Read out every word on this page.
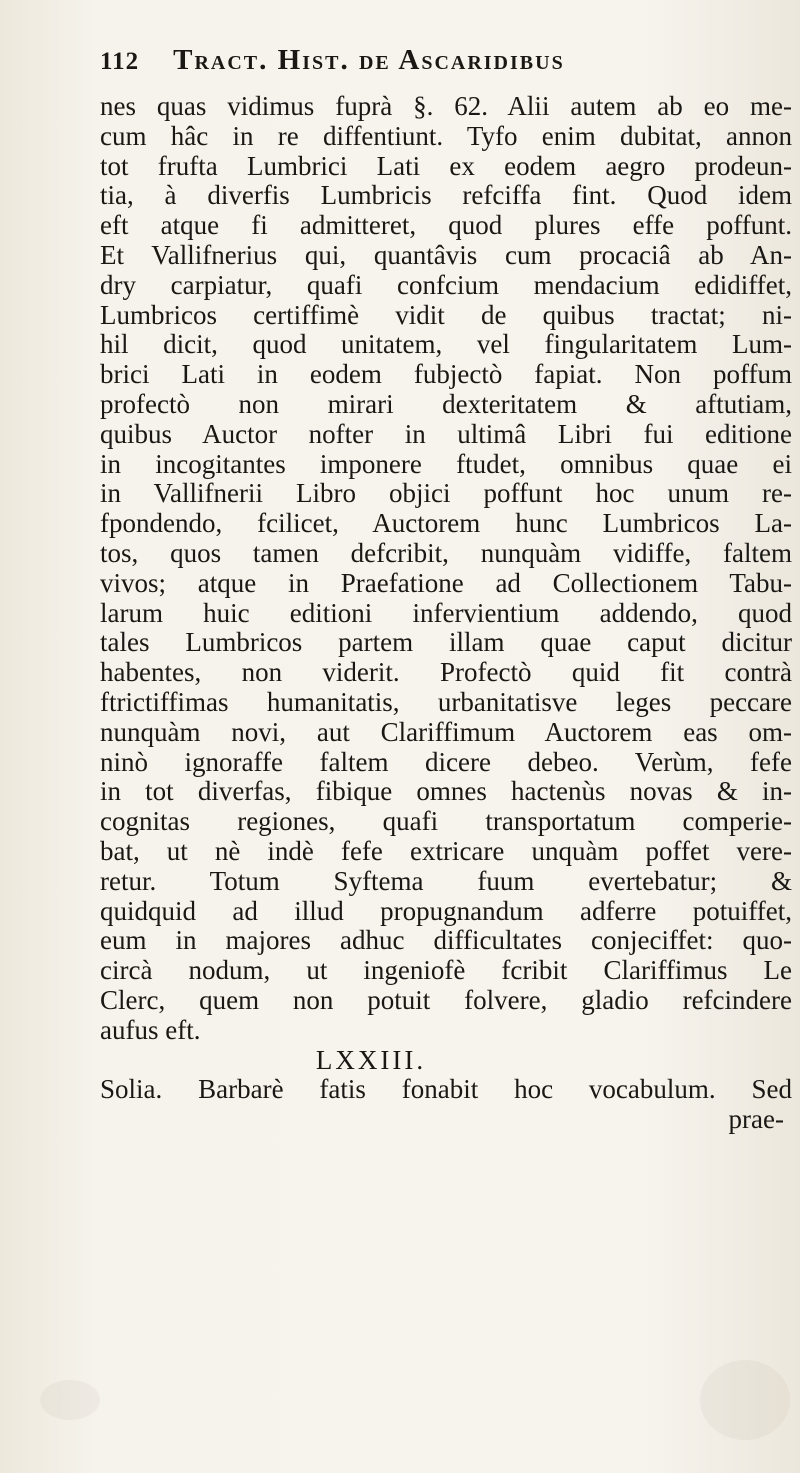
112 Tract. Hist. de Ascaridibus
nes quas vidimus fuprà §. 62. Alii autem ab eo me-
cum hâc in re diffentiunt. Tyfo enim dubitat, annon
tot frufta Lumbrici Lati ex eodem aegro prodeun-
tia, à diverfis Lumbricis refciffa fint. Quod idem
eft atque fi admitteret, quod plures effe poffunt.
Et Vallifnerius qui, quantâvis cum procaciâ ab An-
dry carpiatur, quafi confcium mendacium edidiffet,
Lumbricos certiffimè vidit de quibus tractat; ni-
hil dicit, quod unitatem, vel fingularitatem Lum-
brici Lati in eodem fubjectò fapiat. Non poffum
profectò non mirari dexteritatem & aftutiam,
quibus Auctor nofter in ultimâ Libri fui editione
in incogitantes imponere ftudet, omnibus quae ei
in Vallifnerii Libro objici poffunt hoc unum re-
fpondendo, fcilicet, Auctorem hunc Lumbricos La-
tos, quos tamen defcribit, nunquàm vidiffe, faltem
vivos; atque in Praefatione ad Collectionem Tabu-
larum huic editioni infervientium addendo, quod
tales Lumbricos partem illam quae caput dicitur
habentes, non viderit. Profectò quid fit contrà
ftrictiffimas humanitatis, urbanitatisve leges peccare
nunquàm novi, aut Clariffimum Auctorem eas om-
ninò ignoraffe faltem dicere debeo. Verùm, fefe
in tot diverfas, fibique omnes hactenùs novas & in-
cognitas regiones, quafi transportatum comperie-
bat, ut nè indè fefe extricare unquàm poffet vere-
retur. Totum Syftema fuum evertebatur; &
quidquid ad illud propugnandum adferre potuiffet,
eum in majores adhuc difficultates conjeciffet: quo-
circà nodum, ut ingeniofè fcribit Clariffimus Le
Clerc, quem non potuit folvere, gladio refcindere
aufus eft.
LXXIII.
Solia. Barbarè fatis fonabit hoc vocabulum. Sed
prae-
